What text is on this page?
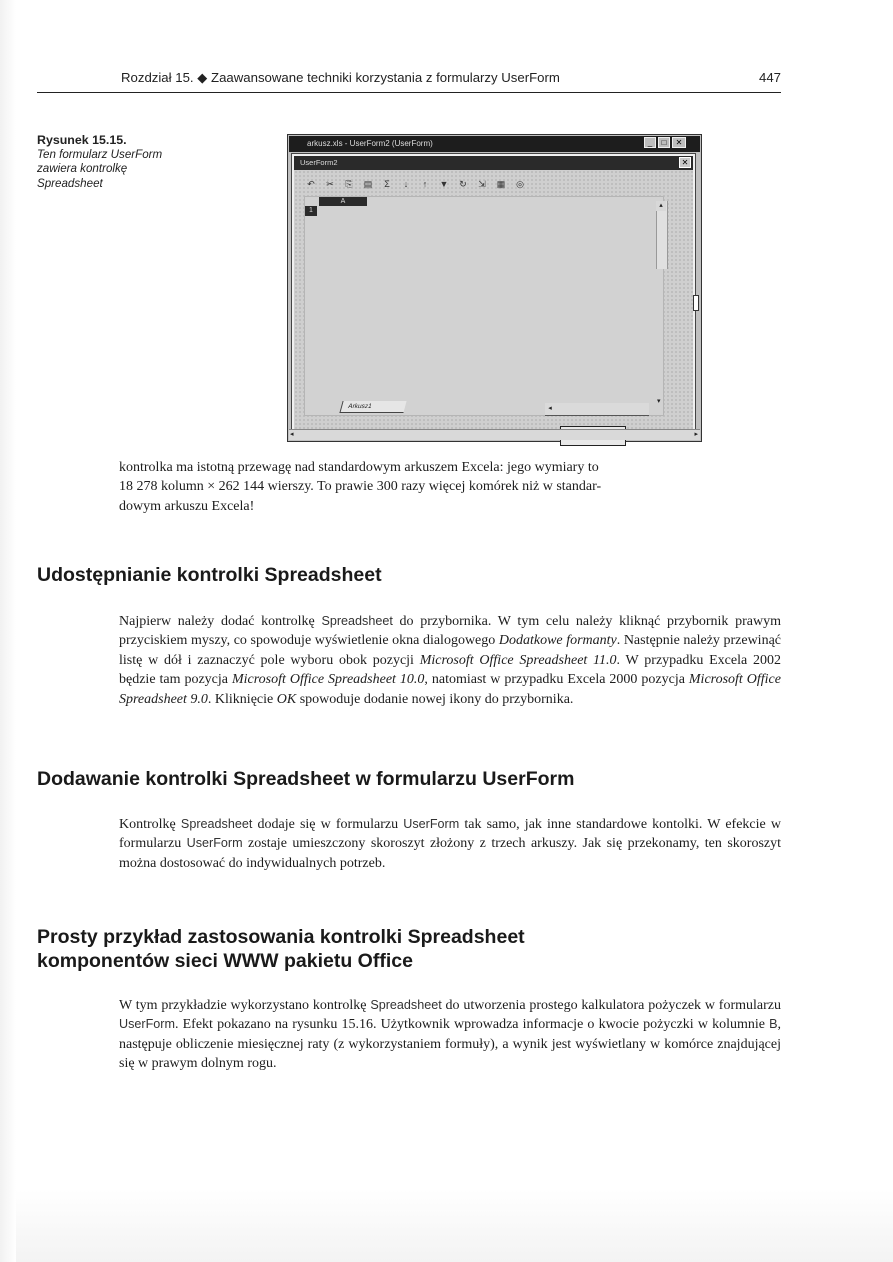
Rozdział 15. ◆ Zaawansowane techniki korzystania z formularzy UserForm	447
Rysunek 15.15.
Ten formularz UserForm zawiera kontrolkę Spreadsheet
arkusz.xls - UserForm2 (UserForm)	_	□	✕
UserForm2	✕
↶	✂	⎘	▤	Σ	↓	↑	▼	↻	⇲	▦	◎
A
1
▴
Arkusz1	◂
▾
◂	▸
kontrolka ma istotną przewagę nad standardowym arkuszem Excela: jego wymiary to
18 278 kolumn × 262 144 wierszy. To prawie 300 razy więcej komórek niż w standar-
dowym arkuszu Excela!
Udostępnianie kontrolki Spreadsheet
Najpierw należy dodać kontrolkę Spreadsheet do przybornika. W tym celu należy kliknąć przybornik prawym przyciskiem myszy, co spowoduje wyświetlenie okna dialogowego Dodatkowe formanty. Następnie należy przewinąć listę w dół i zaznaczyć pole wyboru obok pozycji Microsoft Office Spreadsheet 11.0. W przypadku Excela 2002 będzie tam pozycja Microsoft Office Spreadsheet 10.0, natomiast w przypadku Excela 2000 pozycja Microsoft Office Spreadsheet 9.0. Kliknięcie OK spowoduje dodanie nowej ikony do przybornika.
Dodawanie kontrolki Spreadsheet w formularzu UserForm
Kontrolkę Spreadsheet dodaje się w formularzu UserForm tak samo, jak inne standardowe kontolki. W efekcie w formularzu UserForm zostaje umieszczony skoroszyt złożony z trzech arkuszy. Jak się przekonamy, ten skoroszyt można dostosować do indywidualnych potrzeb.
Prosty przykład zastosowania kontrolki Spreadsheet
komponentów sieci WWW pakietu Office
W tym przykładzie wykorzystano kontrolkę Spreadsheet do utworzenia prostego kalkulatora pożyczek w formularzu UserForm. Efekt pokazano na rysunku 15.16. Użytkownik wprowadza informacje o kwocie pożyczki w kolumnie B, następuje obliczenie miesięcznej raty (z wykorzystaniem formuły), a wynik jest wyświetlany w komórce znajdującej się w prawym dolnym rogu.
